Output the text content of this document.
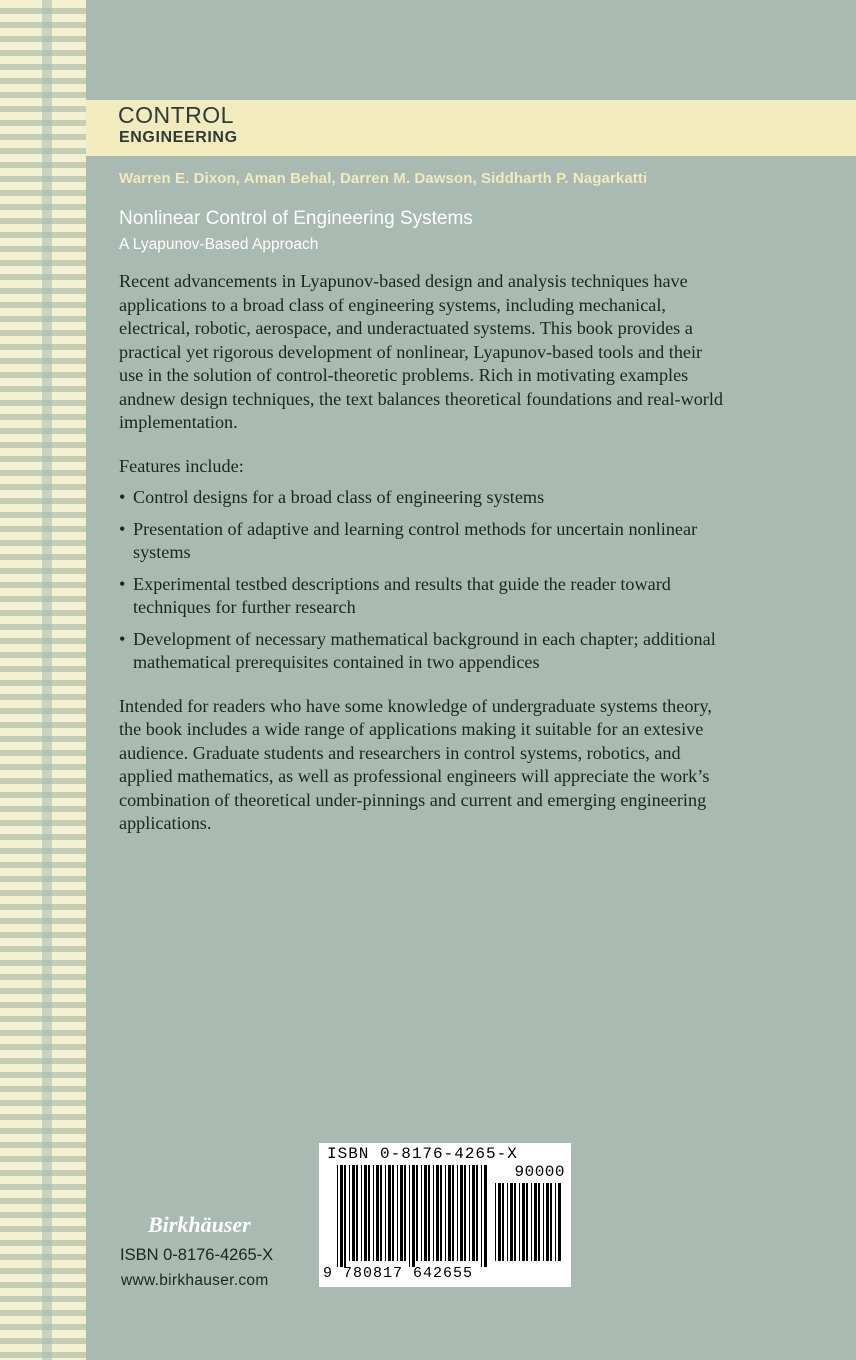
CONTROL
ENGINEERING
Warren E. Dixon, Aman Behal, Darren M. Dawson, Siddharth P. Nagarkatti
Nonlinear Control of Engineering Systems
A Lyapunov-Based Approach

Recent advancements in Lyapunov-based design and analysis techniques have applications to a broad class of engineering systems, including mechanical, electrical, robotic, aerospace, and underactuated systems. This book provides a practical yet rigorous development of nonlinear, Lyapunov-based tools and their use in the solution of control-theoretic problems. Rich in motivating examples andnew design techniques, the text balances theoretical foundations and real-world implementation.

Features include:

• Control designs for a broad class of engineering systems
• Presentation of adaptive and learning control methods for uncertain nonlinear systems
• Experimental testbed descriptions and results that guide the reader toward techniques for further research
• Development of necessary mathematical background in each chapter; additional mathematical prerequisites contained in two appendices

Intended for readers who have some knowledge of undergraduate systems theory, the book includes a wide range of applications making it suitable for an extesive audience. Graduate students and researchers in control systems, robotics, and applied mathematics, as well as professional engineers will appreciate the work’s combination of theoretical under-pinnings and current and emerging engineering applications.

Birkhäuser
ISBN 0-8176-4265-X
www.birkhauser.com
ISBN 0-8176-4265-X
90000
9 780817 642655
